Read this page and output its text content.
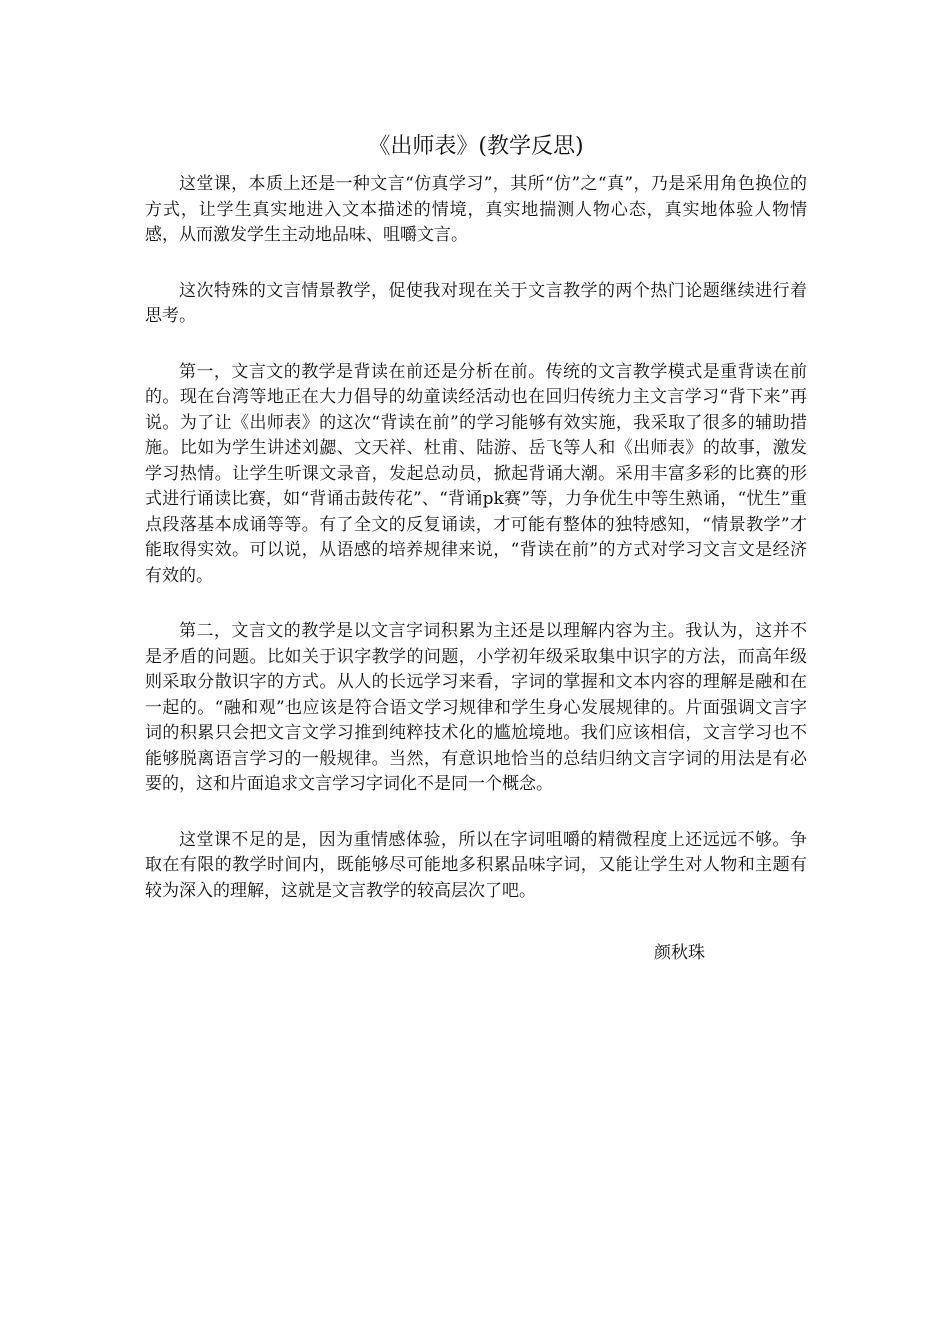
《出师表》(教学反思)

这堂课，本质上还是一种文言“仿真学习”，其所“仿”之“真”，乃是采用角色换位的方式，让学生真实地进入文本描述的情境，真实地揣测人物心态，真实地体验人物情感，从而激发学生主动地品味、咀嚼文言。

这次特殊的文言情景教学，促使我对现在关于文言教学的两个热门论题继续进行着思考。

第一，文言文的教学是背读在前还是分析在前。传统的文言教学模式是重背读在前的。现在台湾等地正在大力倡导的幼童读经活动也在回归传统力主文言学习“背下来”再说。为了让《出师表》的这次“背读在前”的学习能够有效实施，我采取了很多的辅助措施。比如为学生讲述刘勰、文天祥、杜甫、陆游、岳飞等人和《出师表》的故事，激发学习热情。让学生听课文录音，发起总动员，掀起背诵大潮。采用丰富多彩的比赛的形式进行诵读比赛，如“背诵击鼓传花”、“背诵pk赛”等，力争优生中等生熟诵，“忧生”重点段落基本成诵等等。有了全文的反复诵读，才可能有整体的独特感知，“情景教学”才能取得实效。可以说，从语感的培养规律来说，“背读在前”的方式对学习文言文是经济有效的。

第二，文言文的教学是以文言字词积累为主还是以理解内容为主。我认为，这并不是矛盾的问题。比如关于识字教学的问题，小学初年级采取集中识字的方法，而高年级则采取分散识字的方式。从人的长远学习来看，字词的掌握和文本内容的理解是融和在一起的。“融和观”也应该是符合语文学习规律和学生身心发展规律的。片面强调文言字词的积累只会把文言文学习推到纯粹技术化的尴尬境地。我们应该相信，文言学习也不能够脱离语言学习的一般规律。当然，有意识地恰当的总结归纳文言字词的用法是有必要的，这和片面追求文言学习字词化不是同一个概念。

这堂课不足的是，因为重情感体验，所以在字词咀嚼的精微程度上还远远不够。争取在有限的教学时间内，既能够尽可能地多积累品味字词，又能让学生对人物和主题有较为深入的理解，这就是文言教学的较高层次了吧。

颜秋珠
